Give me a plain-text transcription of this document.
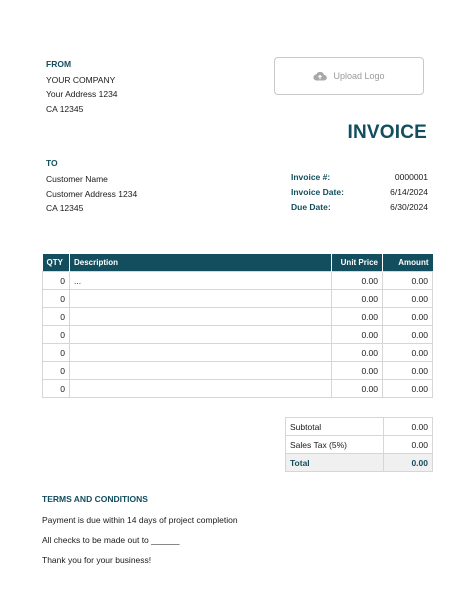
FROM
YOUR COMPANY
Your Address 1234
CA 12345
Upload Logo
INVOICE
TO
Customer Name
Customer Address 1234
CA 12345
Invoice #:	0000001
Invoice Date:	6/14/2024
Due Date:	6/30/2024
QTY	Description	Unit Price	Amount
0	...	0.00	0.00
0		0.00	0.00
0		0.00	0.00
0		0.00	0.00
0		0.00	0.00
0		0.00	0.00
0		0.00	0.00
Subtotal	0.00
Sales Tax (5%)	0.00
Total	0.00
TERMS AND CONDITIONS
Payment is due within 14 days of project completion
All checks to be made out to ______
Thank you for your business!
